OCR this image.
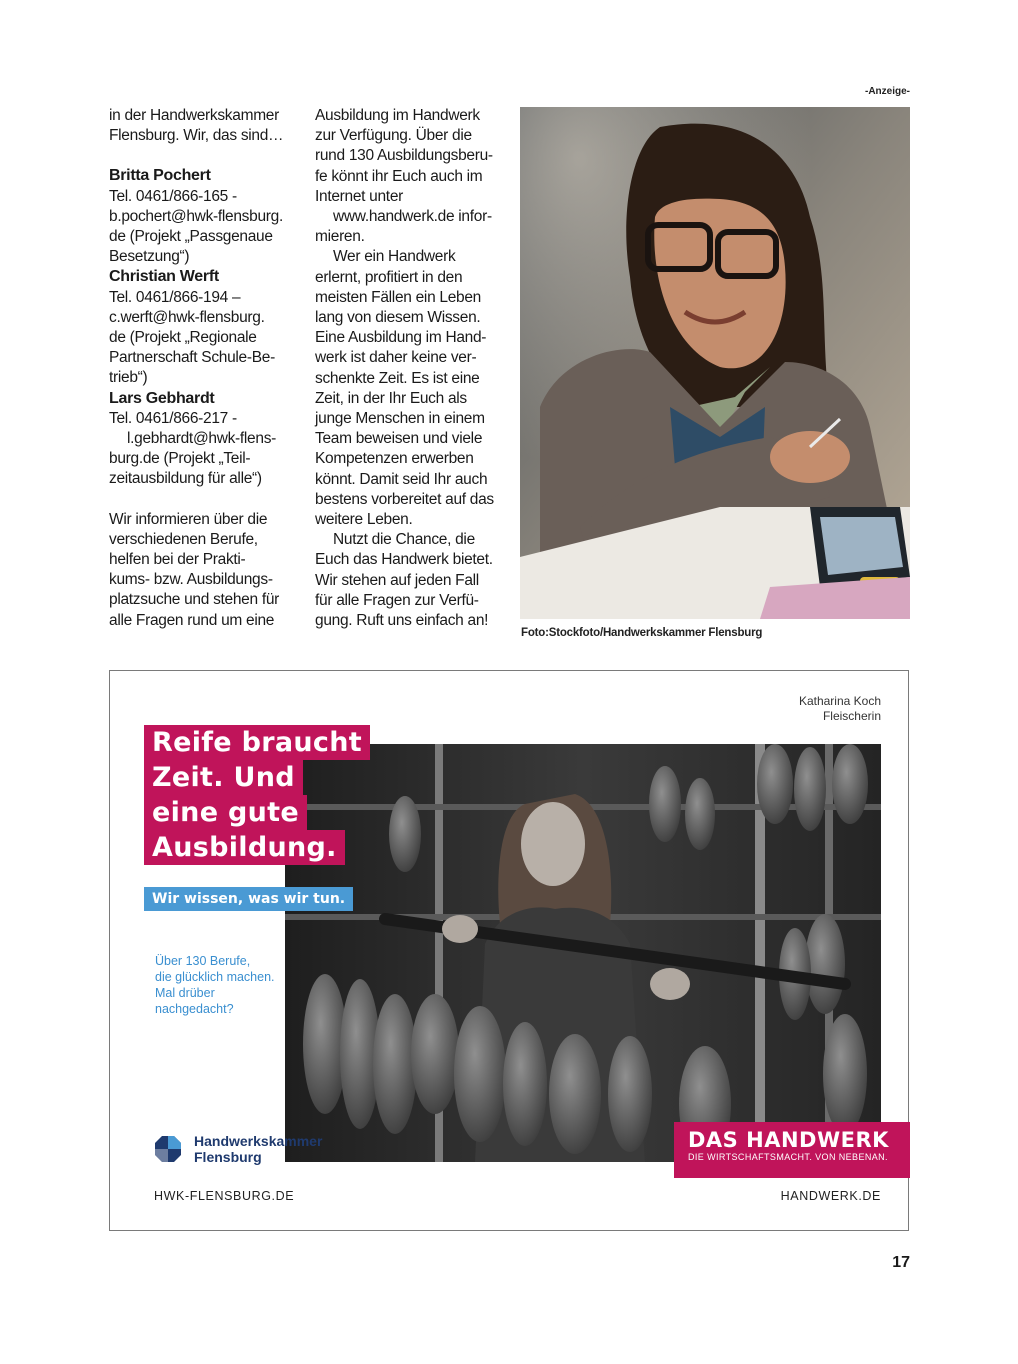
-Anzeige-

in der Handwerkskammer

Flensburg. Wir, das sind…

Britta Pochert

Tel. 0461/866-165 -

b.pochert@hwk-flensburg.

de (Projekt „Passgenaue

Besetzung“)

Christian Werft

Tel. 0461/866-194 –

c.werft@hwk-flensburg.

de (Projekt „Regionale

Partnerschaft Schule-Be-

trieb“)

Lars Gebhardt

Tel. 0461/866-217 -

l.gebhardt@hwk-flens-

burg.de (Projekt „Teil-

zeitausbildung für alle“)

Wir informieren über die

verschiedenen Berufe,

helfen bei der Prakti-

kums- bzw. Ausbildungs-

platzsuche und stehen für

alle Fragen rund um eine

Ausbildung im Handwerk

zur Verfügung. Über die

rund 130 Ausbildungsberu-

fe könnt ihr Euch auch im

Internet unter

www.handwerk.de infor-

mieren.

Wer ein Handwerk

erlernt, profitiert in den

meisten Fällen ein Leben

lang von diesem Wissen.

Eine Ausbildung im Hand-

werk ist daher keine ver-

schenkte Zeit. Es ist eine

Zeit, in der Ihr Euch als

junge Menschen in einem

Team beweisen und viele

Kompetenzen erwerben

könnt. Damit seid Ihr auch

bestens vorbereitet auf das

weitere Leben.

Nutzt die Chance, die

Euch das Handwerk bietet.

Wir stehen auf jeden Fall

für alle Fragen zur Verfü-

gung. Ruft uns einfach an!

Foto:Stockfoto/Handwerkskammer Flensburg
Katharina Koch
Fleischerin
Reife braucht
Zeit. Und
eine gute
Ausbildung.
Wir wissen, was wir tun.
Über 130 Berufe,
die glücklich machen.
Mal drüber
nachgedacht?
Handwerkskammer
Flensburg
DAS HANDWERK
DIE WIRTSCHAFTSMACHT. VON NEBENAN.
HWK-FLENSBURG.DE	HANDWERK.DE
17
